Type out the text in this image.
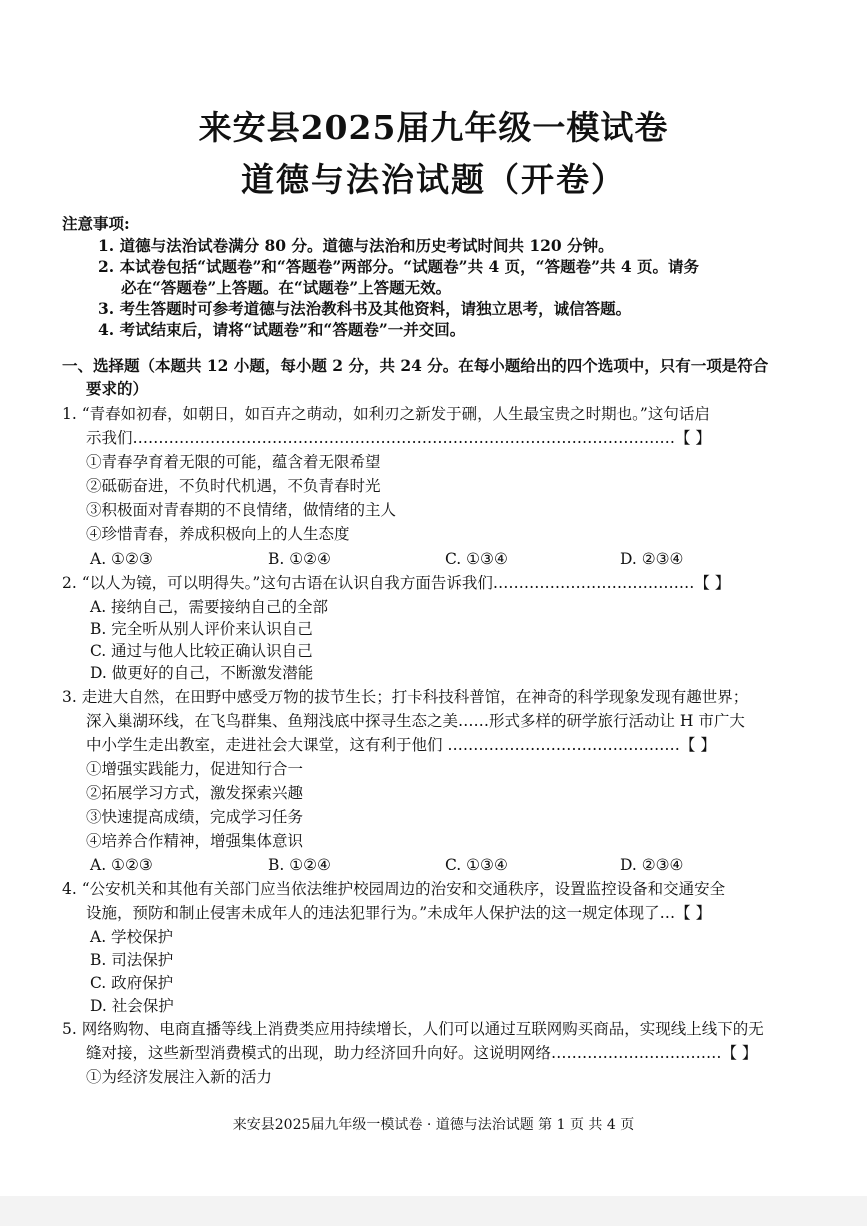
来安县2025届九年级一模试卷
道德与法治试题（开卷）
注意事项:
1. 道德与法治试卷满分 80 分。道德与法治和历史考试时间共 120 分钟。
2. 本试卷包括“试题卷”和“答题卷”两部分。“试题卷”共 4 页，“答题卷”共 4 页。请务
必在“答题卷”上答题。在“试题卷”上答题无效。
3. 考生答题时可参考道德与法治教科书及其他资料，请独立思考，诚信答题。
4. 考试结束后，请将“试题卷”和“答题卷”一并交回。
一、选择题（本题共 12 小题，每小题 2 分，共 24 分。在每小题给出的四个选项中，只有一项是符合
要求的）
1. “青春如初春，如朝日，如百卉之萌动，如利刃之新发于硎，人生最宝贵之时期也。”这句话启
示我们……………………………………………………………………………………………【 】
①青春孕育着无限的可能，蕴含着无限希望
②砥砺奋进，不负时代机遇，不负青春时光
③积极面对青春期的不良情绪，做情绪的主人
④珍惜青春，养成积极向上的人生态度
A. ①②③	B. ①②④	C. ①③④	D. ②③④
2. “以人为镜，可以明得失。”这句古语在认识自我方面告诉我们…………………………………【 】
A. 接纳自己，需要接纳自己的全部
B. 完全听从别人评价来认识自己
C. 通过与他人比较正确认识自己
D. 做更好的自己，不断激发潜能
3. 走进大自然，在田野中感受万物的拔节生长；打卡科技科普馆，在神奇的科学现象发现有趣世界；
深入巢湖环线，在飞鸟群集、鱼翔浅底中探寻生态之美……形式多样的研学旅行活动让 H 市广大
中小学生走出教室，走进社会大课堂，这有利于他们 ………………………………………【 】
①增强实践能力，促进知行合一
②拓展学习方式，激发探索兴趣
③快速提高成绩，完成学习任务
④培养合作精神，增强集体意识
A. ①②③	B. ①②④	C. ①③④	D. ②③④
4. “公安机关和其他有关部门应当依法维护校园周边的治安和交通秩序，设置监控设备和交通安全
设施，预防和制止侵害未成年人的违法犯罪行为。”未成年人保护法的这一规定体现了…【 】
A. 学校保护
B. 司法保护
C. 政府保护
D. 社会保护
5. 网络购物、电商直播等线上消费类应用持续增长，人们可以通过互联网购买商品，实现线上线下的无
缝对接，这些新型消费模式的出现，助力经济回升向好。这说明网络……………………………【 】
①为经济发展注入新的活力
来安县2025届九年级一模试卷 · 道德与法治试题 第 1 页 共 4 页
